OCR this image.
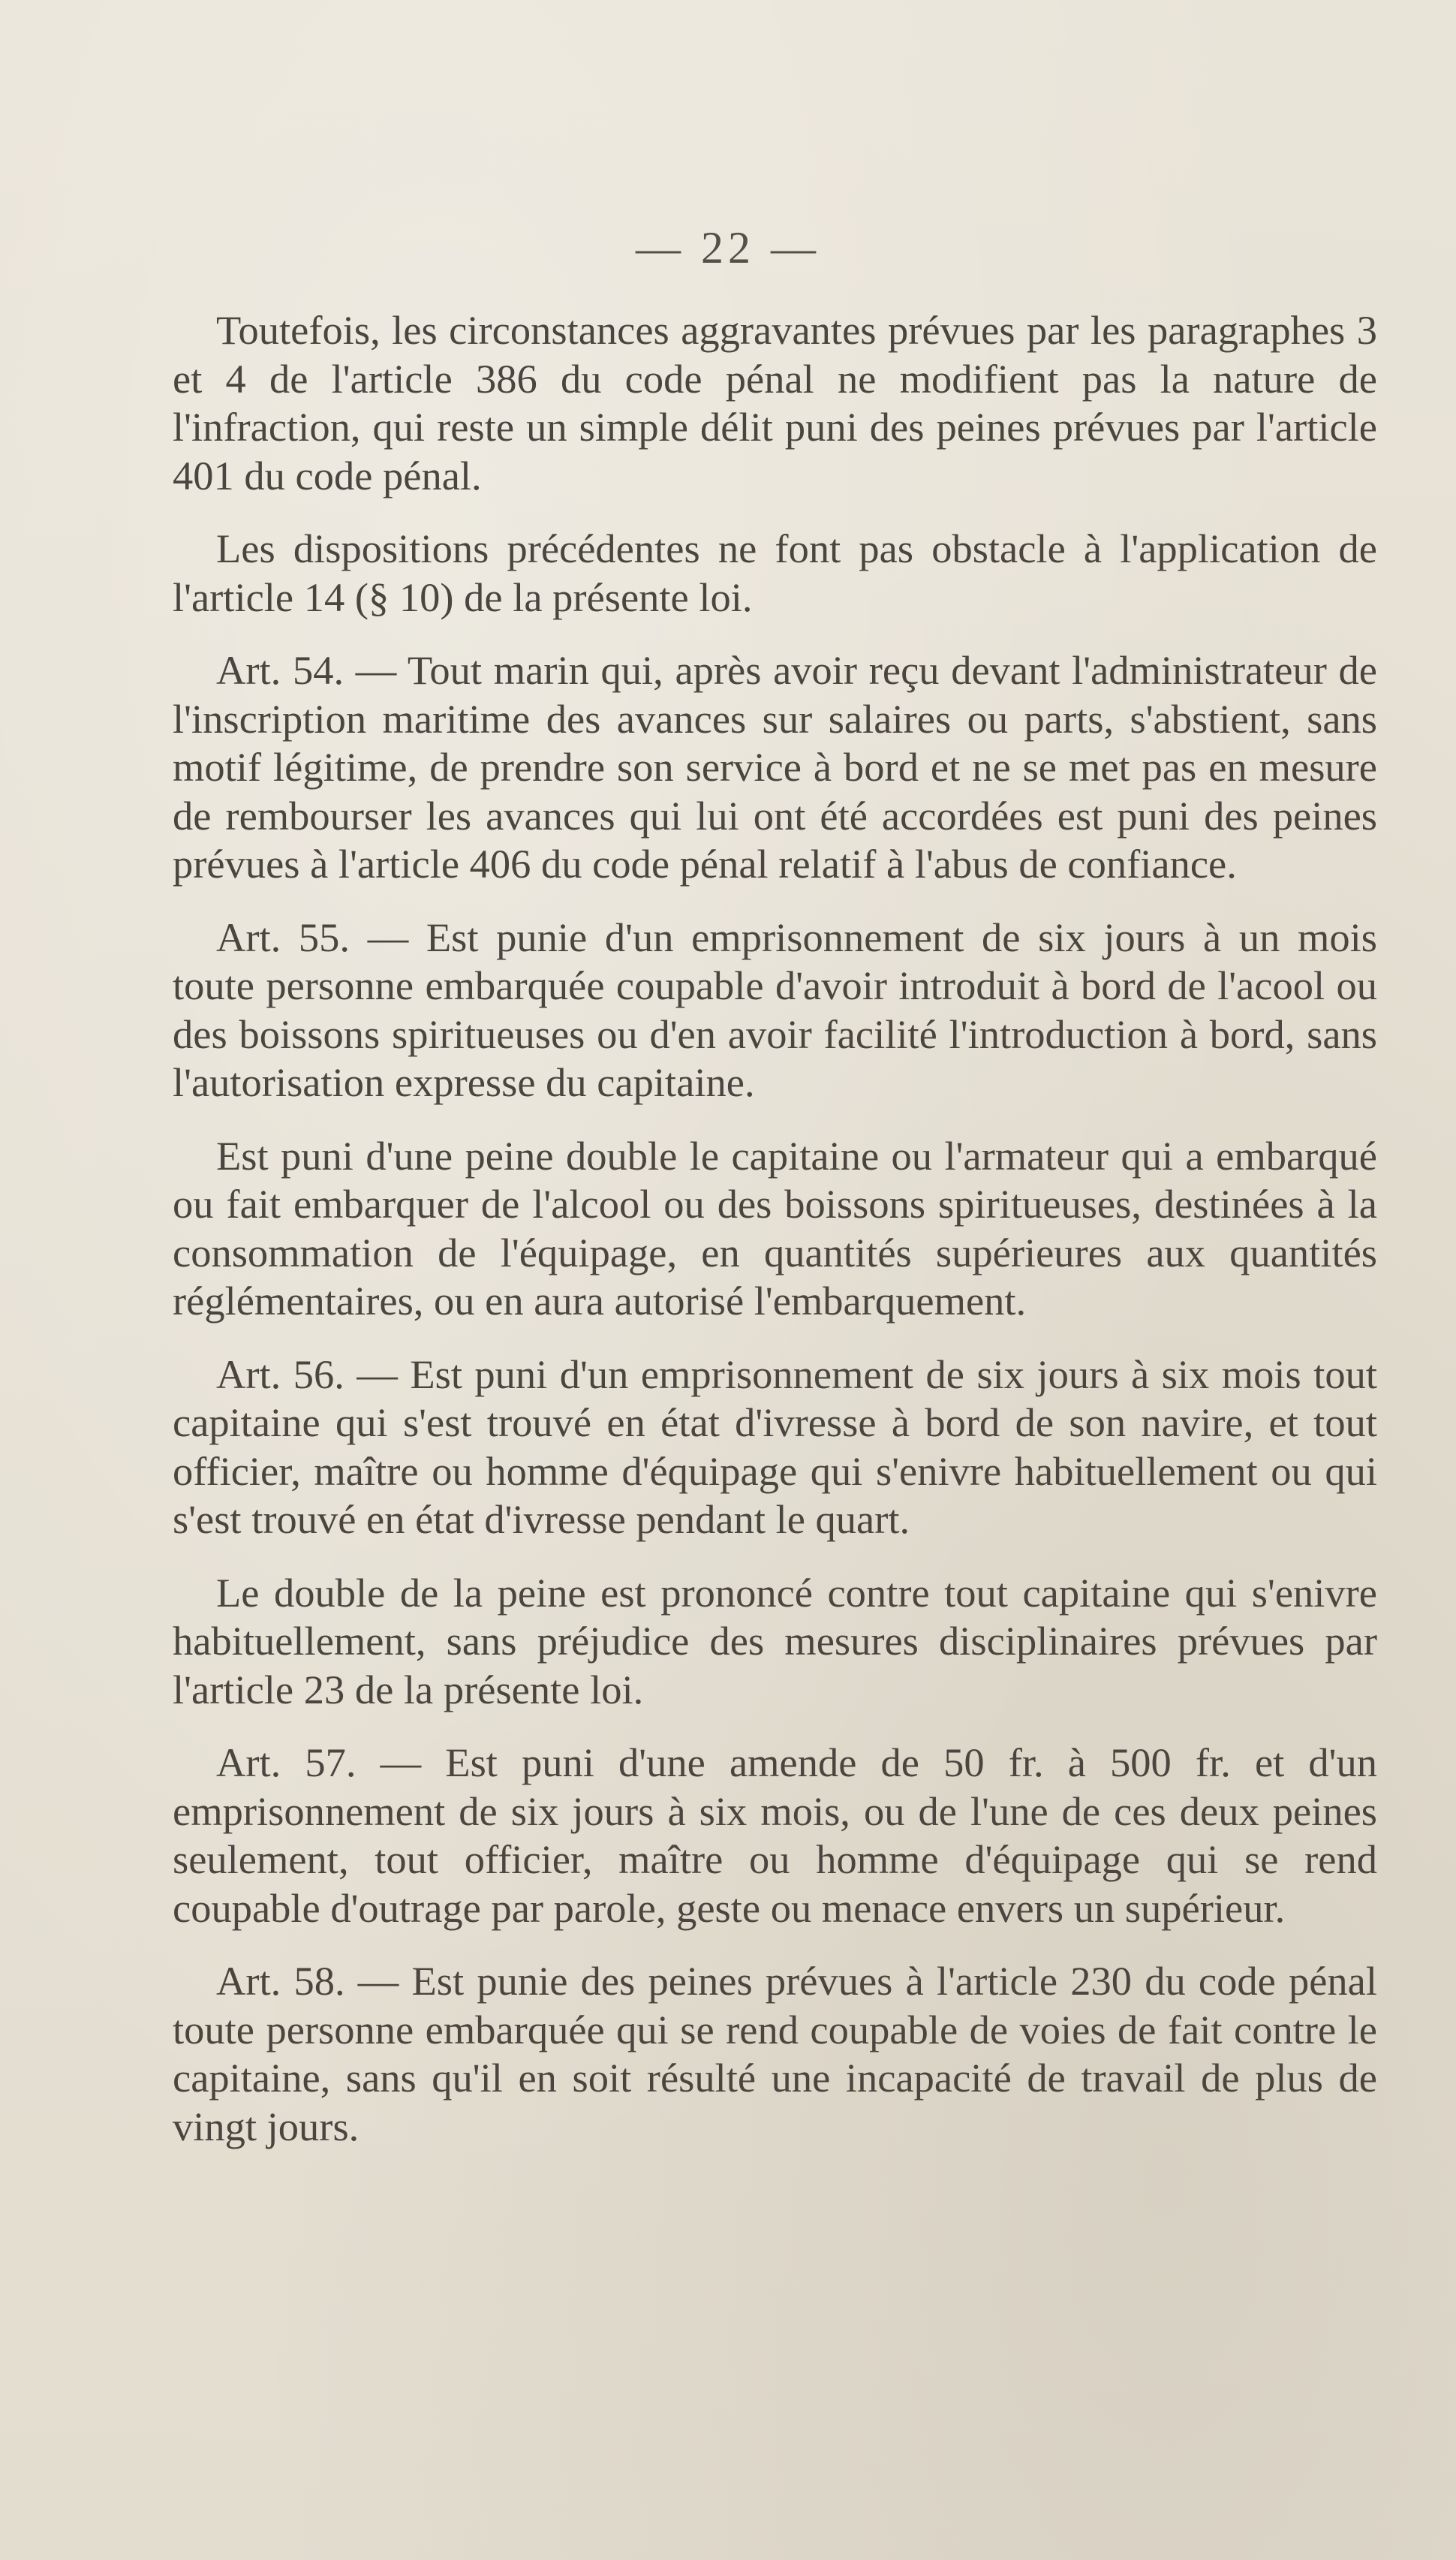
— 22 —

Toutefois, les circonstances aggravantes prévues par les paragraphes 3 et 4 de l'article 386 du code pénal ne modifient pas la nature de l'infraction, qui reste un simple délit puni des peines prévues par l'article 401 du code pénal.

Les dispositions précédentes ne font pas obstacle à l'application de l'article 14 (§ 10) de la présente loi.

Art. 54. — Tout marin qui, après avoir reçu devant l'administrateur de l'inscription maritime des avances sur salaires ou parts, s'abstient, sans motif légitime, de prendre son service à bord et ne se met pas en mesure de rembourser les avances qui lui ont été accordées est puni des peines prévues à l'article 406 du code pénal relatif à l'abus de confiance.

Art. 55. — Est punie d'un emprisonnement de six jours à un mois toute personne embarquée coupable d'avoir introduit à bord de l'acool ou des boissons spiritueuses ou d'en avoir facilité l'introduction à bord, sans l'autorisation expresse du capitaine.

Est puni d'une peine double le capitaine ou l'armateur qui a embarqué ou fait embarquer de l'alcool ou des boissons spiritueuses, destinées à la consommation de l'équipage, en quantités supérieures aux quantités réglémentaires, ou en aura autorisé l'embarquement.

Art. 56. — Est puni d'un emprisonnement de six jours à six mois tout capitaine qui s'est trouvé en état d'ivresse à bord de son navire, et tout officier, maître ou homme d'équipage qui s'enivre habituellement ou qui s'est trouvé en état d'ivresse pendant le quart.

Le double de la peine est prononcé contre tout capitaine qui s'enivre habituellement, sans préjudice des mesures disciplinaires prévues par l'article 23 de la présente loi.

Art. 57. — Est puni d'une amende de 50 fr. à 500 fr. et d'un emprisonnement de six jours à six mois, ou de l'une de ces deux peines seulement, tout officier, maître ou homme d'équipage qui se rend coupable d'outrage par parole, geste ou menace envers un supérieur.

Art. 58. — Est punie des peines prévues à l'article 230 du code pénal toute personne embarquée qui se rend coupable de voies de fait contre le capitaine, sans qu'il en soit résulté une incapacité de travail de plus de vingt jours.
